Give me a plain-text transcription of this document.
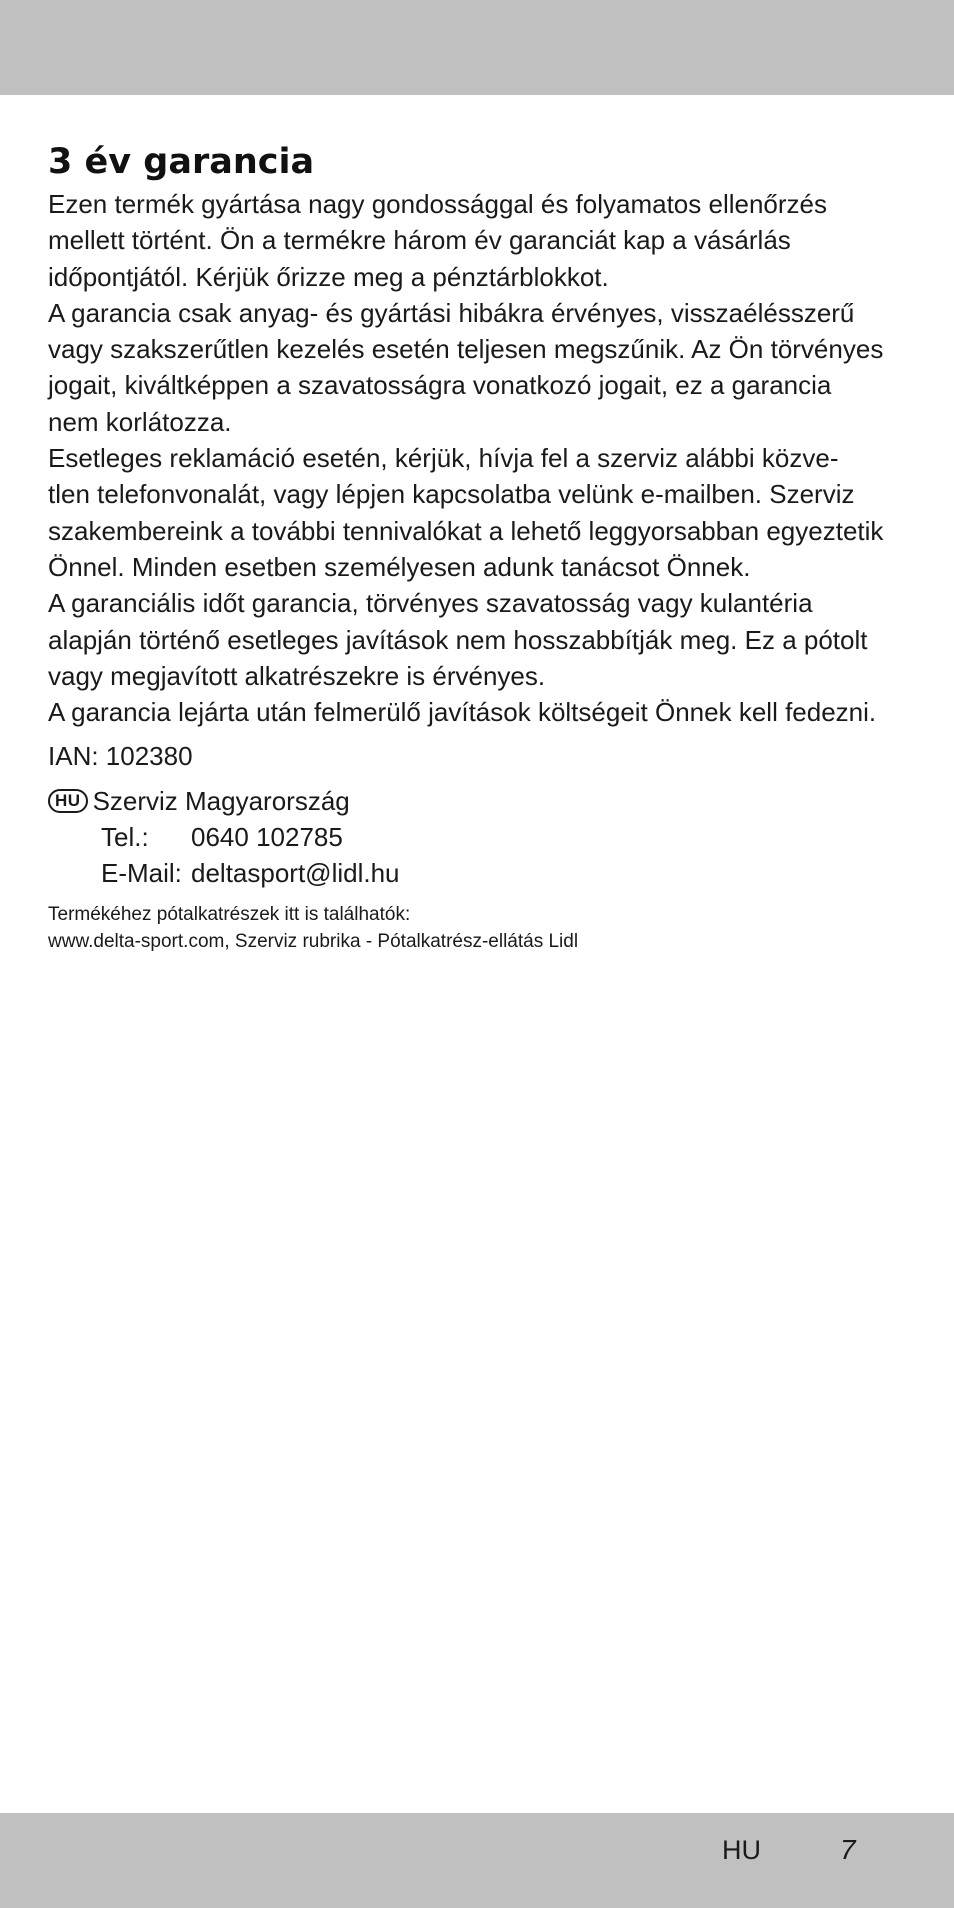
3 év garancia

Ezen termék gyártása nagy gondossággal és folyamatos ellenőrzés
mellett történt. Ön a termékre három év garanciát kap a vásárlás
időpontjától. Kérjük őrizze meg a pénztárblokkot.

A garancia csak anyag- és gyártási hibákra érvényes, visszaélésszerű
vagy szakszerűtlen kezelés esetén teljesen megszűnik. Az Ön törvényes
jogait, kiváltképpen a szavatosságra vonatkozó jogait, ez a garancia
nem korlátozza.

Esetleges reklamáció esetén, kérjük, hívja fel a szerviz alábbi közve-
tlen telefonvonalát, vagy lépjen kapcsolatba velünk e-mailben. Szerviz
szakembereink a további tennivalókat a lehető leggyorsabban egyeztetik
Önnel. Minden esetben személyesen adunk tanácsot Önnek.

A garanciális időt garancia, törvényes szavatosság vagy kulantéria
alapján történő esetleges javítások nem hosszabbítják meg. Ez a pótolt
vagy megjavított alkatrészekre is érvényes.

A garancia lejárta után felmerülő javítások költségeit Önnek kell fedezni.

IAN: 102380

HU Szerviz Magyarország
Tel.:	0640 102785
E-Mail: deltasport@lidl.hu
Termékéhez pótalkatrészek itt is találhatók:
www.delta-sport.com, Szerviz rubrika - Pótalkatrész-ellátás Lidl
HU	7
